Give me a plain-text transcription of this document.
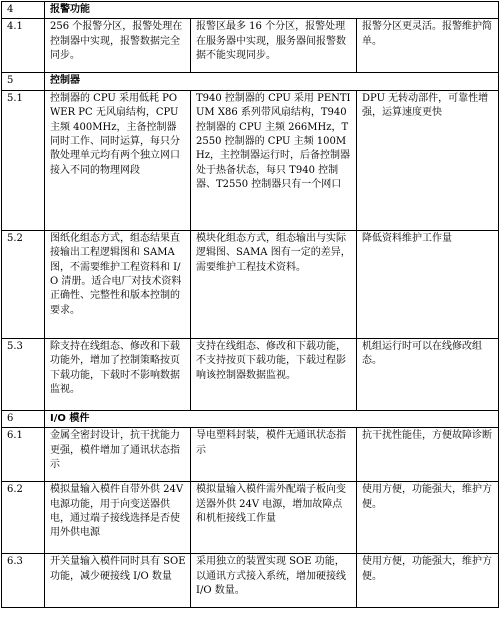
4	报警功能		
4.1	256 个报警分区，报警处理在控制器中实现，报警数据完全同步。	报警区最多 16 个分区，报警处理在服务器中实现，服务器间报警数据不能实现同步。	报警分区更灵活。报警维护简单。
5	控制器		
5.1	控制器的 CPU 采用低耗 POWER PC 无风扇结构，CPU 主频 400MHz，主备控制器同时工作、同时运算，每只分散处理单元均有两个独立网口接入不同的物理网段	T940 控制器的 CPU 采用 PENTIUM X86 系列带风扇结构，T940 控制器的 CPU 主频 266MHz，T2550 控制器的 CPU 主频 100MHz，主控制器运行时，后备控制器处于热备状态，每只 T940 控制器、T2550 控制器只有一个网口	DPU 无转动部件，可靠性增强，运算速度更快
5.2	图纸化组态方式，组态结果直接输出工程逻辑图和 SAMA 图，不需要维护工程资料和 I/O 清册。适合电厂对技术资料正确性、完整性和版本控制的要求。	模块化组态方式，组态输出与实际逻辑图、SAMA 图有一定的差异，需要维护工程技术资料。	降低资料维护工作量
5.3	除支持在线组态、修改和下载功能外，增加了控制策略按页下载功能，下载时不影响数据监视。	支持在线组态、修改和下载功能，不支持按页下载功能，下载过程影响该控制器数据监视。	机组运行时可以在线修改组态。
6	I/O 模件		
6.1	金属全密封设计，抗干扰能力更强，模件增加了通讯状态指示	导电塑料封装，模件无通讯状态指示	抗干扰性能佳，方便故障诊断
6.2	模拟量输入模件自带外供 24V 电源功能，用于向变送器供电，通过端子接线选择是否使用外供电源	模拟量输入模件需外配端子板向变送器外供 24V 电源，增加故障点和机柜接线工作量	使用方便，功能强大，维护方便。
6.3	开关量输入模件同时具有 SOE 功能，减少硬接线 I/O 数量	采用独立的装置实现 SOE 功能，以通讯方式接入系统，增加硬接线 I/O 数量。	使用方便，功能强大，维护方便。
